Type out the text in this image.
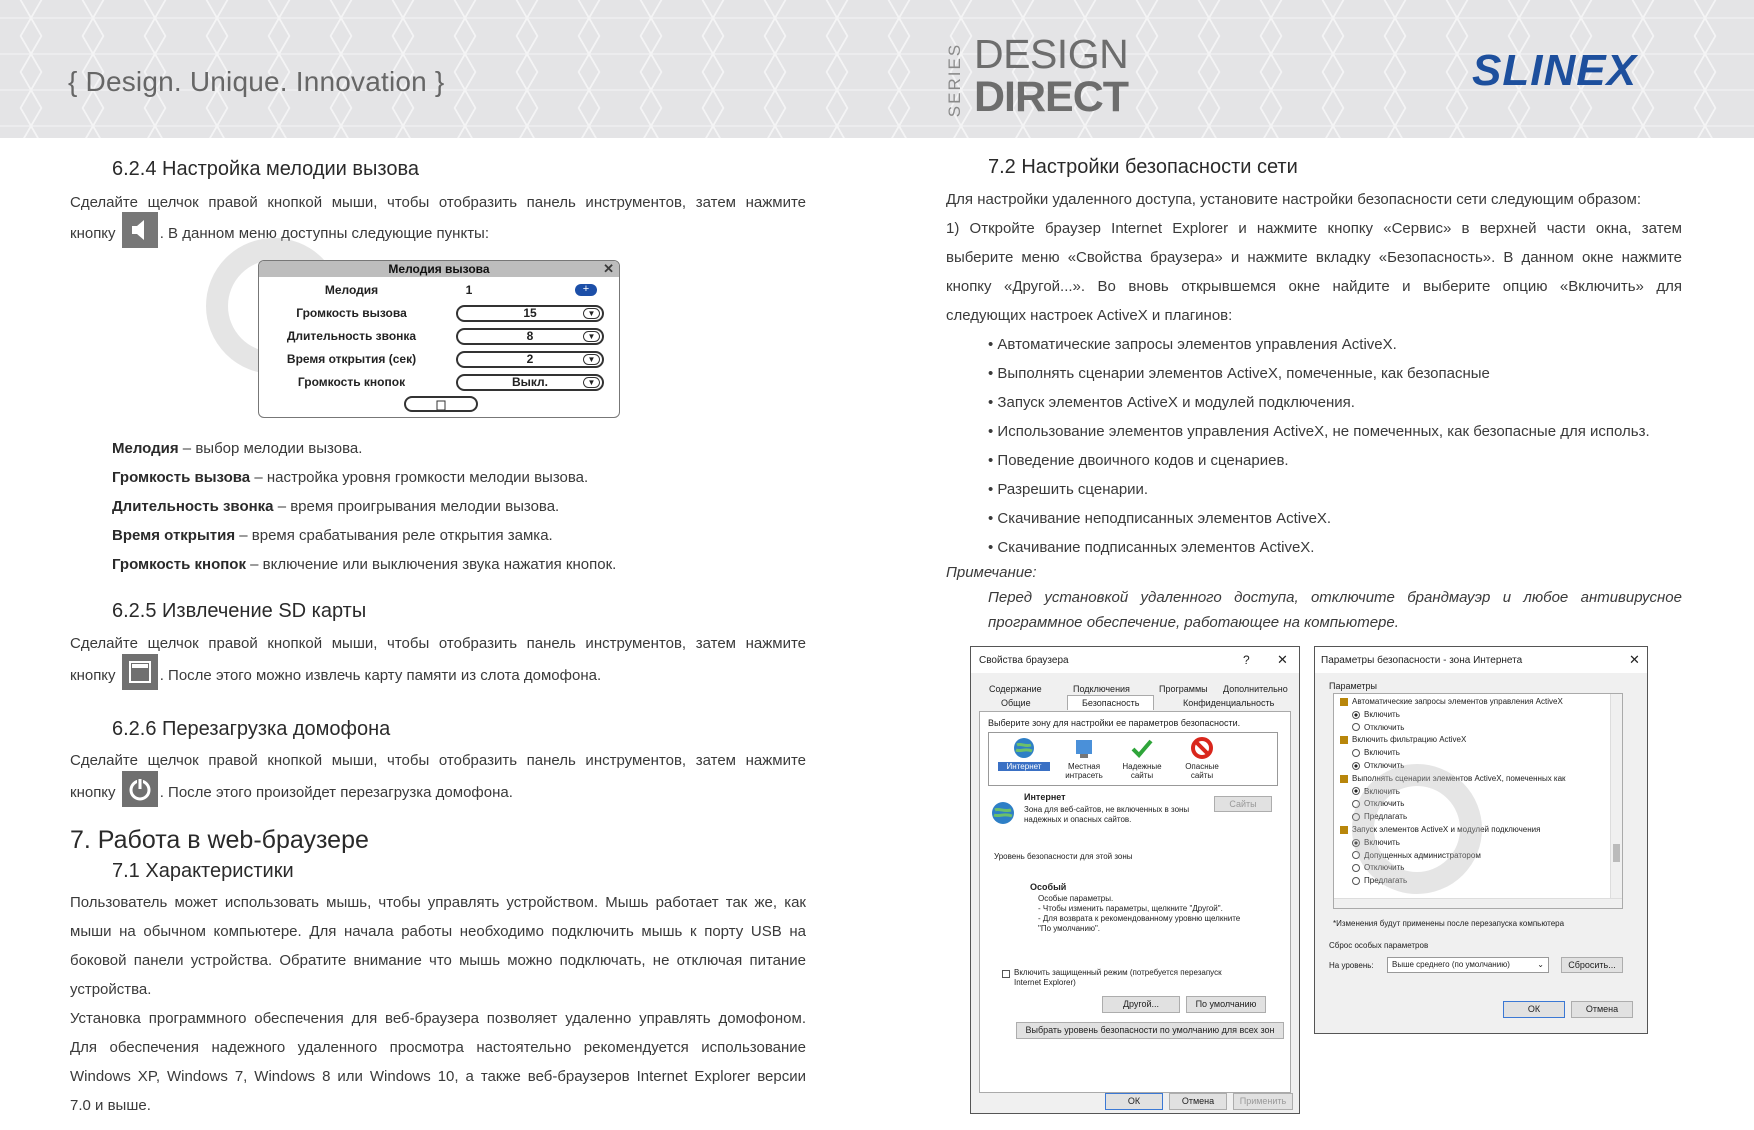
{ Design. Unique. Innovation }	SERIES DESIGN
DIRECT
SLINEX
6.2.4 Настройка мелодии вызова
Сделайте щелчок правой кнопкой мыши, чтобы отобразить панель инструментов, затем нажмите
кнопку	. В данном меню доступны следующие пункты:
Мелодия вызова	✕
Мелодия	1	+
Громкость вызова	15	▼
Длительность звонка	8	▼
Время открытия (сек)	2	▼
Громкость кнопок	Выкл.	▼
Мелодия – выбор мелодии вызова.
Громкость вызова – настройка уровня громкости мелодии вызова.
Длительность звонка – время проигрывания мелодии вызова.
Время открытия – время срабатывания реле открытия замка.
Громкость кнопок – включение или выключения звука нажатия кнопок.
6.2.5 Извлечение SD карты
Сделайте щелчок правой кнопкой мыши, чтобы отобразить панель инструментов, затем нажмите
кнопку	. После этого можно извлечь карту памяти из слота домофона.
6.2.6 Перезагрузка домофона
Сделайте щелчок правой кнопкой мыши, чтобы отобразить панель инструментов, затем нажмите
кнопку	. После этого произойдет перезагрузка домофона.
7. Работа в web-браузере
7.1 Характеристики
Пользователь может использовать мышь, чтобы управлять устройством. Мышь работает так же, как
мыши на обычном компьютере. Для начала работы необходимо подключить мышь к порту USB на
боковой панели устройства. Обратите внимание что мышь можно подключать, не отключая питание
устройства.
Установка программного обеспечения для веб-браузера позволяет удаленно управлять домофоном.
Для обеспечения надежного удаленного просмотра настоятельно рекомендуется использование
Windows XP, Windows 7, Windows 8 или Windows 10, а также веб-браузеров Internet Explorer версии
7.0 и выше.
7.2 Настройки безопасности сети
Для настройки удаленного доступа, установите настройки безопасности сети следующим образом:
1) Откройте браузер Internet Explorer и нажмите кнопку «Сервис» в верхней части окна, затем
выберите меню «Свойства браузера» и нажмите вкладку «Безопасность». В данном окне нажмите
кнопку «Другой...». Во вновь открывшемся окне найдите и выберите опцию «Включить» для
следующих настроек ActiveX и плагинов:
• Автоматические запросы элементов управления ActiveX.
• Выполнять сценарии элементов ActiveX, помеченные, как безопасные
• Запуск элементов ActiveX и модулей подключения.
• Использование элементов управления ActiveX, не помеченных, как безопасные для использ.
• Поведение двоичного кодов и сценариев.
• Разрешить сценарии.
• Скачивание неподписанных элементов ActiveX.
• Скачивание подписанных элементов ActiveX.
Примечание:
Перед установкой удаленного доступа, отключите брандмауэр и любое антивирусное
программное обеспечение, работающее на компьютере.
Свойства браузера	? ✕
Содержание	Подключения	Программы Дополнительно
Общие	Безопасность	Конфиденциальность
Выберите зону для настройки ее параметров безопасности.
Интернет	Местная интрасеть
Надежные сайты
Опасные сайты
Интернет
Зона для веб-сайтов, не включенных в зоны
надежных и опасных сайтов.
Сайты
Уровень безопасности для этой зоны
Особый
Особые параметры.
- Чтобы изменить параметры, щелкните "Другой".
- Для возврата к рекомендованному уровню щелкните
"По умолчанию".
Включить защищенный режим (потребуется перезапуск
Internet Explorer)
Другой...	По умолчанию
Выбрать уровень безопасности по умолчанию для всех зон
ОК	Отмена	Применить
Параметры безопасности - зона Интернета	✕
Параметры
Автоматические запросы элементов управления ActiveX
Включить
Отключить
Включить фильтрацию ActiveX
Включить
Отключить
Выполнять сценарии элементов ActiveX, помеченных как
Включить
Отключить
Предлагать
Запуск элементов ActiveX и модулей подключения
Включить
Допущенных администратором
Отключить
Предлагать
*Изменения будут применены после перезапуска компьютера
Сброс особых параметров
На уровень:	Выше среднего (по умолчанию)	⌄	Сбросить...
ОК	Отмена
